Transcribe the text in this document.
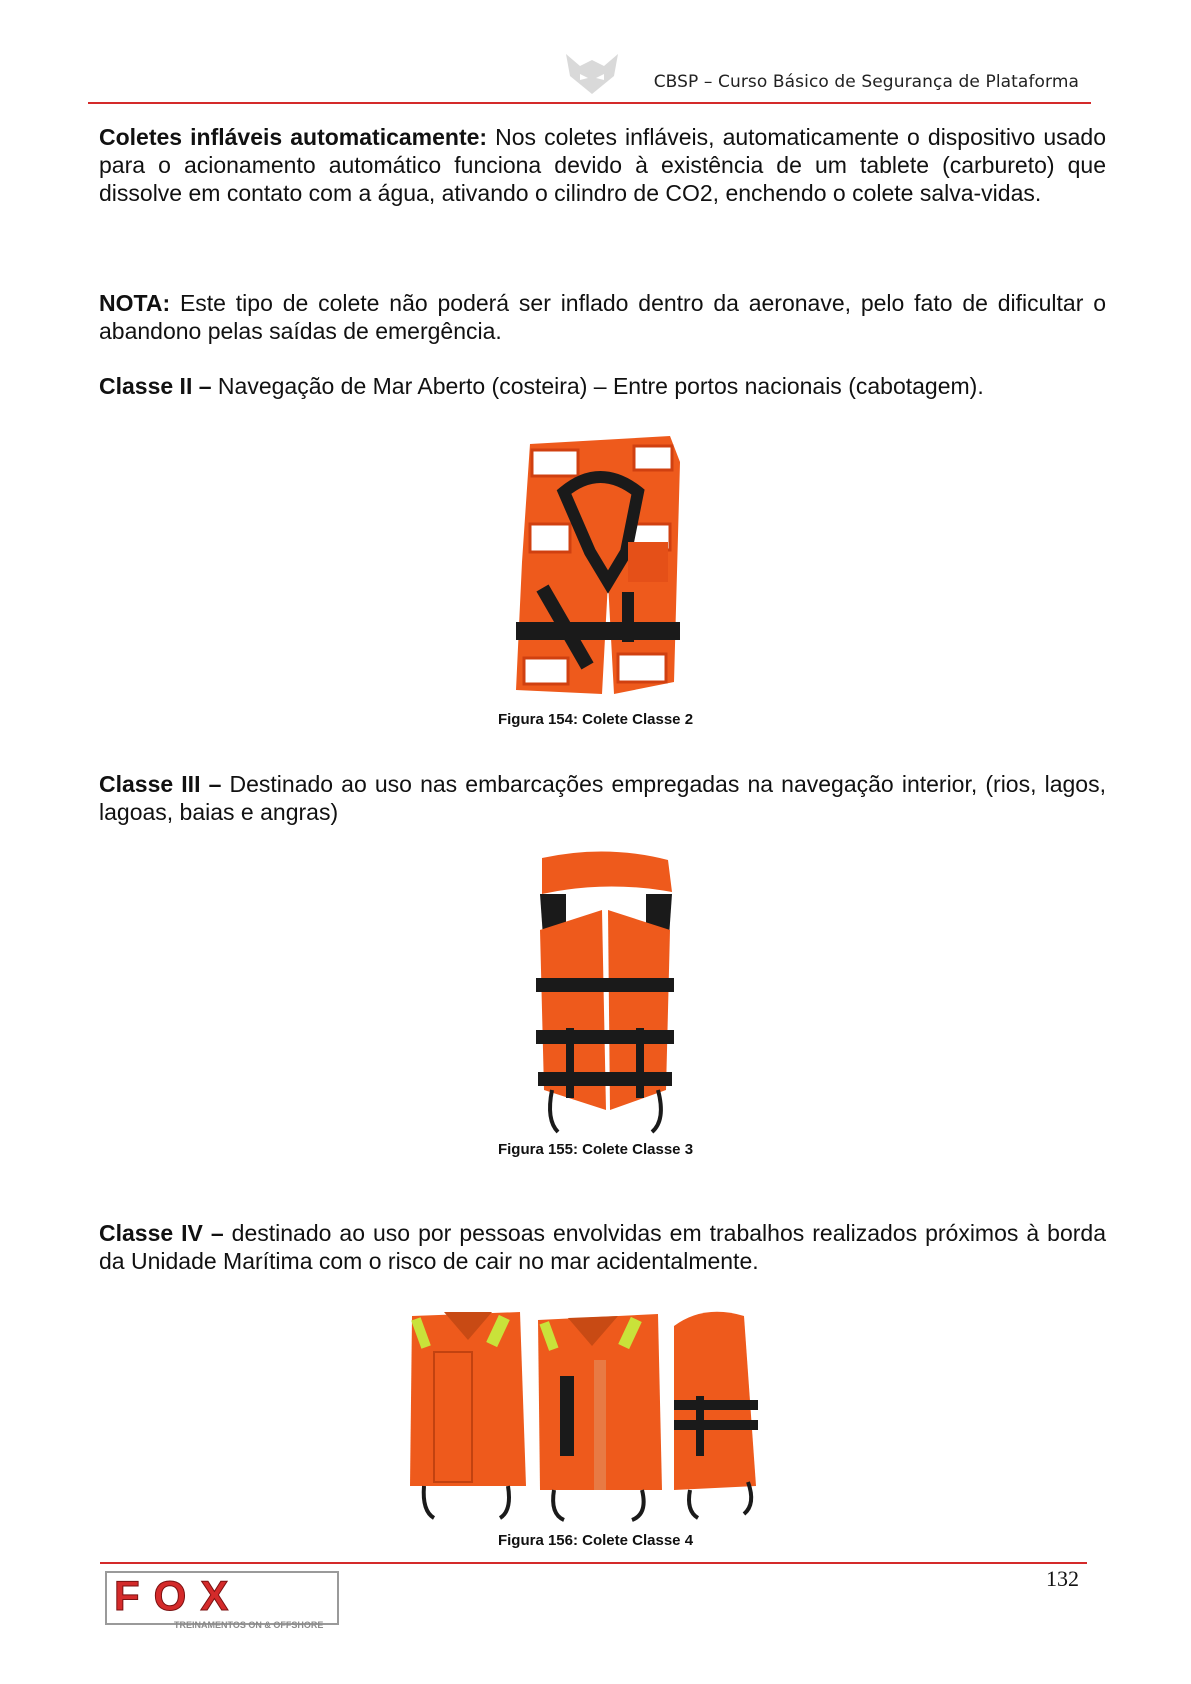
CBSP – Curso Básico de Segurança de Plataforma

Coletes infláveis automaticamente: Nos coletes infláveis, automaticamente o dispositivo usado para o acionamento automático funciona devido à existência de um tablete (carbureto) que dissolve em contato com a água, ativando o cilindro de CO2, enchendo o colete salva-vidas.

NOTA: Este tipo de colete não poderá ser inflado dentro da aeronave, pelo fato de dificultar o abandono pelas saídas de emergência.

Classe II – Navegação de Mar Aberto (costeira) – Entre portos nacionais (cabotagem).

Figura 154: Colete Classe 2

Classe III – Destinado ao uso nas embarcações empregadas na navegação interior, (rios, lagos, lagoas, baias e angras)

Figura 155: Colete Classe 3

Classe IV – destinado ao uso por pessoas envolvidas em trabalhos realizados próximos à borda da Unidade Marítima com o risco de cair no mar acidentalmente.

Figura 156: Colete Classe 4
132
FOX
TREINAMENTOS ON & OFFSHORE
